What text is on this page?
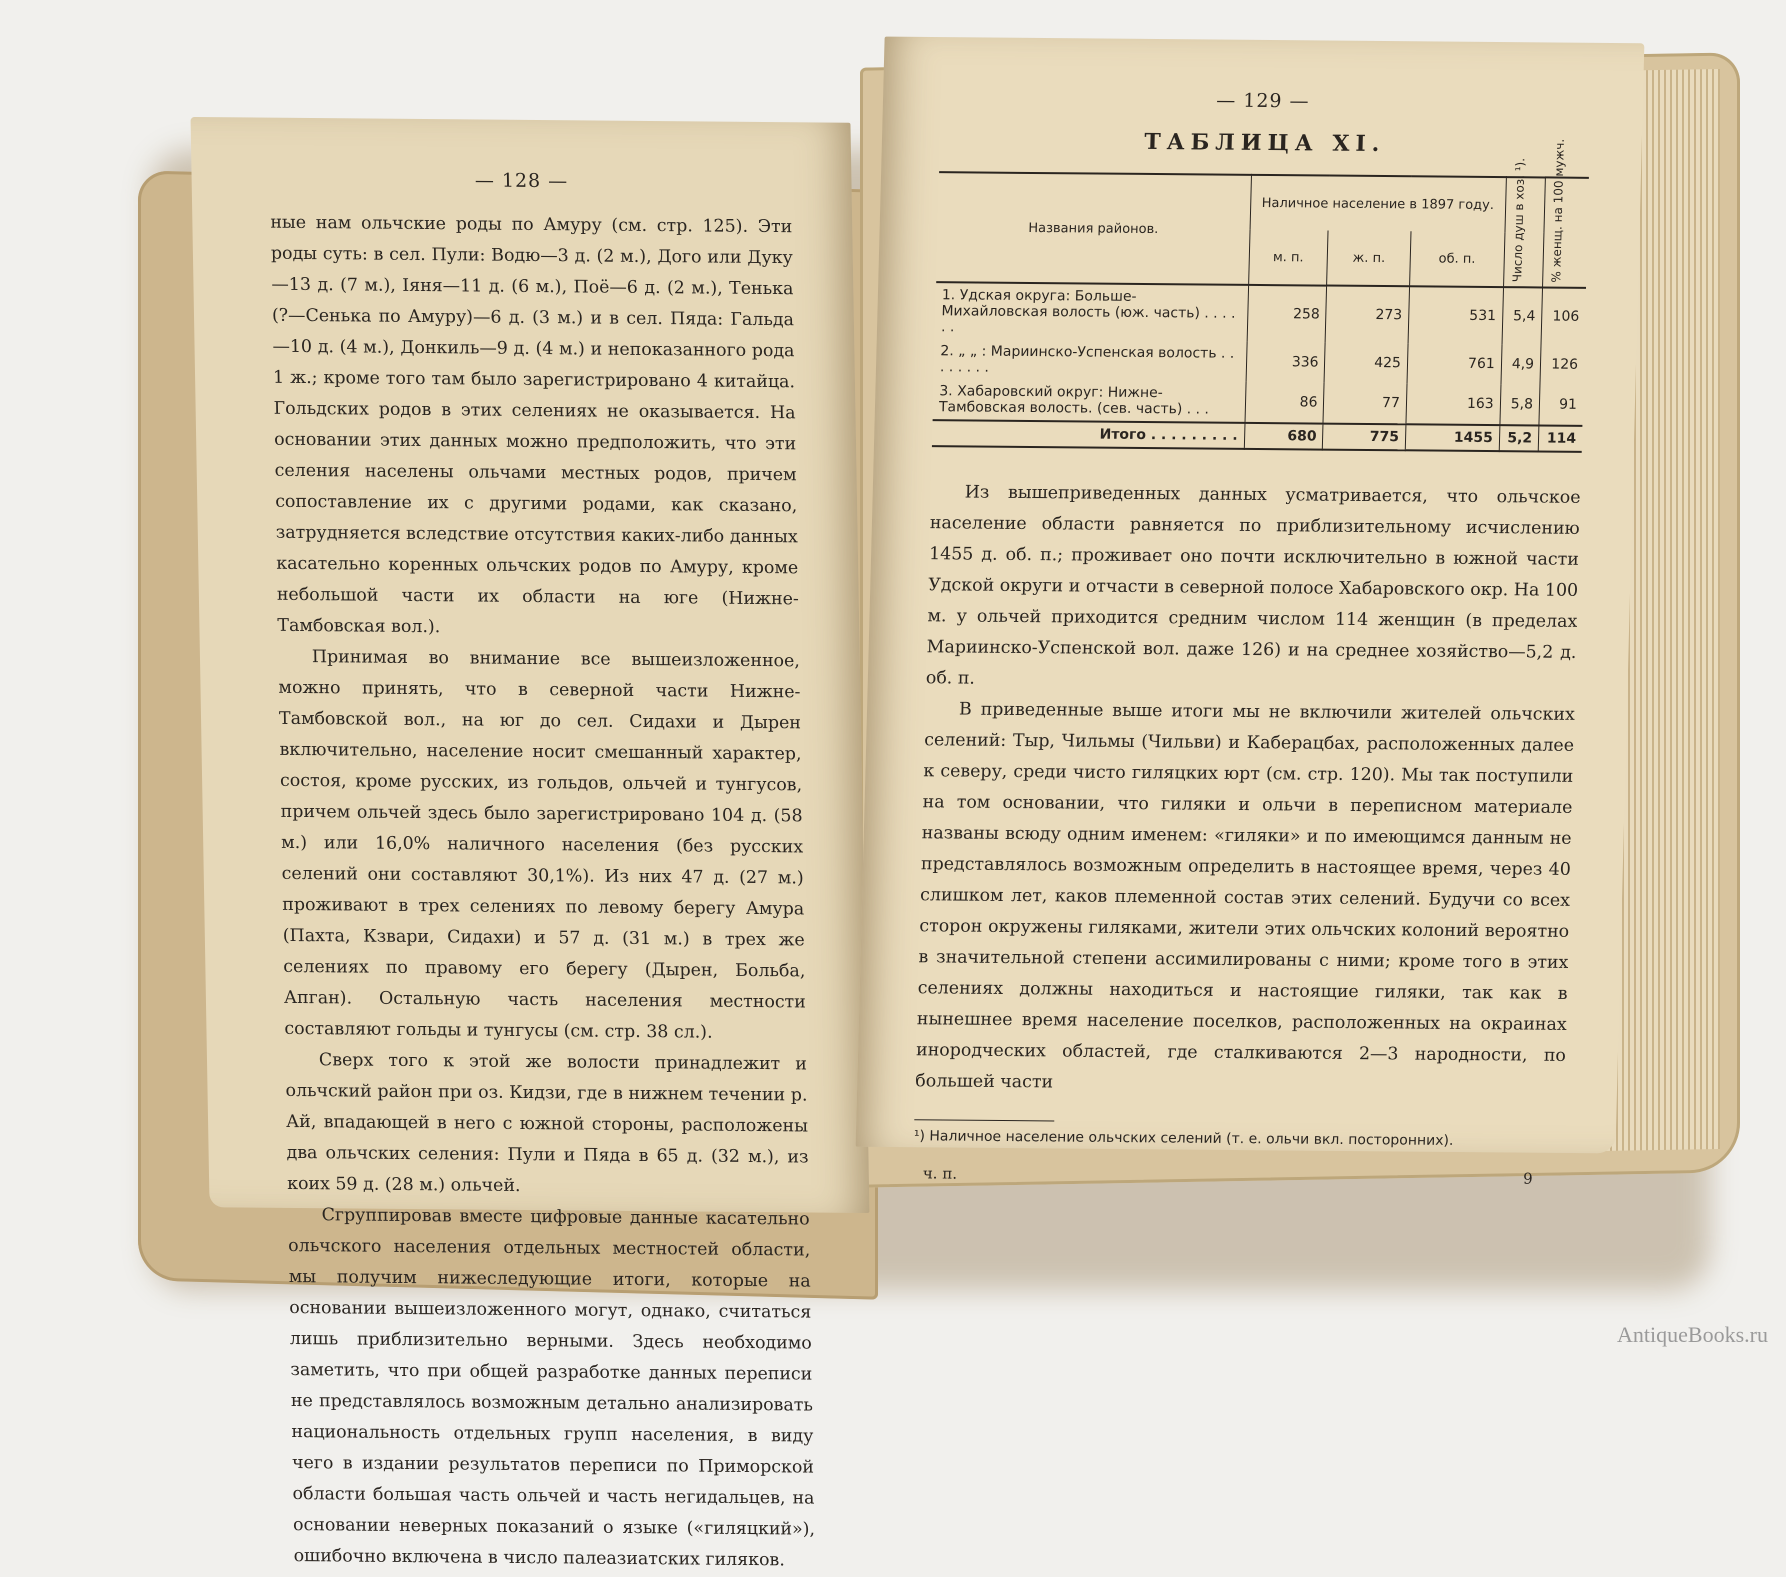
— 128 —

ные нам ольчские роды по Амуру (см. стр. 125). Эти роды суть: в сел. Пули: Водю—3 д. (2 м.), Дого или Дуку—13 д. (7 м.), Іяня—11 д. (6 м.), Поё—6 д. (2 м.), Тенька (?—Сенька по Амуру)—6 д. (3 м.) и в сел. Пяда: Гальда—10 д. (4 м.), Донкиль—9 д. (4 м.) и непоказанного рода 1 ж.; кроме того там было зарегистрировано 4 китайца. Гольдских родов в этих селениях не оказывается. На основании этих данных можно предположить, что эти селения населены ольчами местных родов, причем сопоставление их с другими родами, как сказано, затрудняется вследствие отсутствия каких-либо данных касательно коренных ольчских родов по Амуру, кроме небольшой части их области на юге (Нижне-Тамбовская вол.).

Принимая во внимание все вышеизложенное, можно принять, что в северной части Нижне-Тамбовской вол., на юг до сел. Сидахи и Дырен включительно, население носит смешанный характер, состоя, кроме русских, из гольдов, ольчей и тунгусов, причем ольчей здесь было зарегистрировано 104 д. (58 м.) или 16,0% наличного населения (без русских селений они составляют 30,1%). Из них 47 д. (27 м.) проживают в трех селениях по левому берегу Амура (Пахта, Кзвари, Сидахи) и 57 д. (31 м.) в трех же селениях по правому его берегу (Дырен, Больба, Апган). Остальную часть населения местности составляют гольды и тунгусы (см. стр. 38 сл.).

Сверх того к этой же волости принадлежит и ольчский район при оз. Кидзи, где в нижнем течении р. Ай, впадающей в него с южной стороны, расположены два ольчских селения: Пули и Пяда в 65 д. (32 м.), из коих 59 д. (28 м.) ольчей.

Сгруппировав вместе цифровые данные касательно ольчского населения отдельных местностей области, мы получим нижеследующие итоги, которые на основании вышеизложенного могут, однако, считаться лишь приблизительно верными. Здесь необходимо заметить, что при общей разработке данных переписи не представлялось возможным детально анализировать национальность отдельных групп населения, в виду чего в издании результатов переписи по Приморской области большая часть ольчей и часть негидальцев, на основании неверных показаний о языке («гиляцкий»), ошибочно включена в число палеазиатских гиляков.

— 129 —
ТАБЛИЦА XI.
Названия районов.	Наличное население в 1897 году.			Число душ в хоз. ¹).	% женщ. на 100 мужч.

	м. п.	ж. п.	об. п.		
1. Удская округа: Больше-Михайловская волость (юж. часть) . . . . . .	258	273	531	5,4	106
2. „ „ : Мариинско-Успенская волость . . . . . . . .	336	425	761	4,9	126
3. Хабаровский округ: Нижне-Тамбовская волость. (сев. часть) . . .	86	77	163	5,8	91
Итого . . . . . . . . .	680	775	1455	5,2	114

Из вышеприведенных данных усматривается, что ольчское население области равняется по приблизительному исчислению 1455 д. об. п.; проживает оно почти исключительно в южной части Удской округи и отчасти в северной полосе Хабаровского окр. На 100 м. у ольчей приходится средним числом 114 женщин (в пределах Мариинско-Успенской вол. даже 126) и на среднее хозяйство—5,2 д. об. п.

В приведенные выше итоги мы не включили жителей ольчских селений: Тыр, Чильмы (Чильви) и Каберацбах, расположенных далее к северу, среди чисто гиляцких юрт (см. стр. 120). Мы так поступили на том основании, что гиляки и ольчи в переписном материале названы всюду одним именем: «гиляки» и по имеющимся данным не представлялось возможным определить в настоящее время, через 40 слишком лет, каков племенной состав этих селений. Будучи со всех сторон окружены гиляками, жители этих ольчских колоний вероятно в значительной степени ассимилированы с ними; кроме того в этих селениях должны находиться и настоящие гиляки, так как в нынешнее время население поселков, расположенных на окраинах инородческих областей, где сталкиваются 2—3 народности, по большей части

¹) Наличное население ольчских селений (т. е. ольчи вкл. посторонних).
ч. п.	9
AntiqueBooks.ru
